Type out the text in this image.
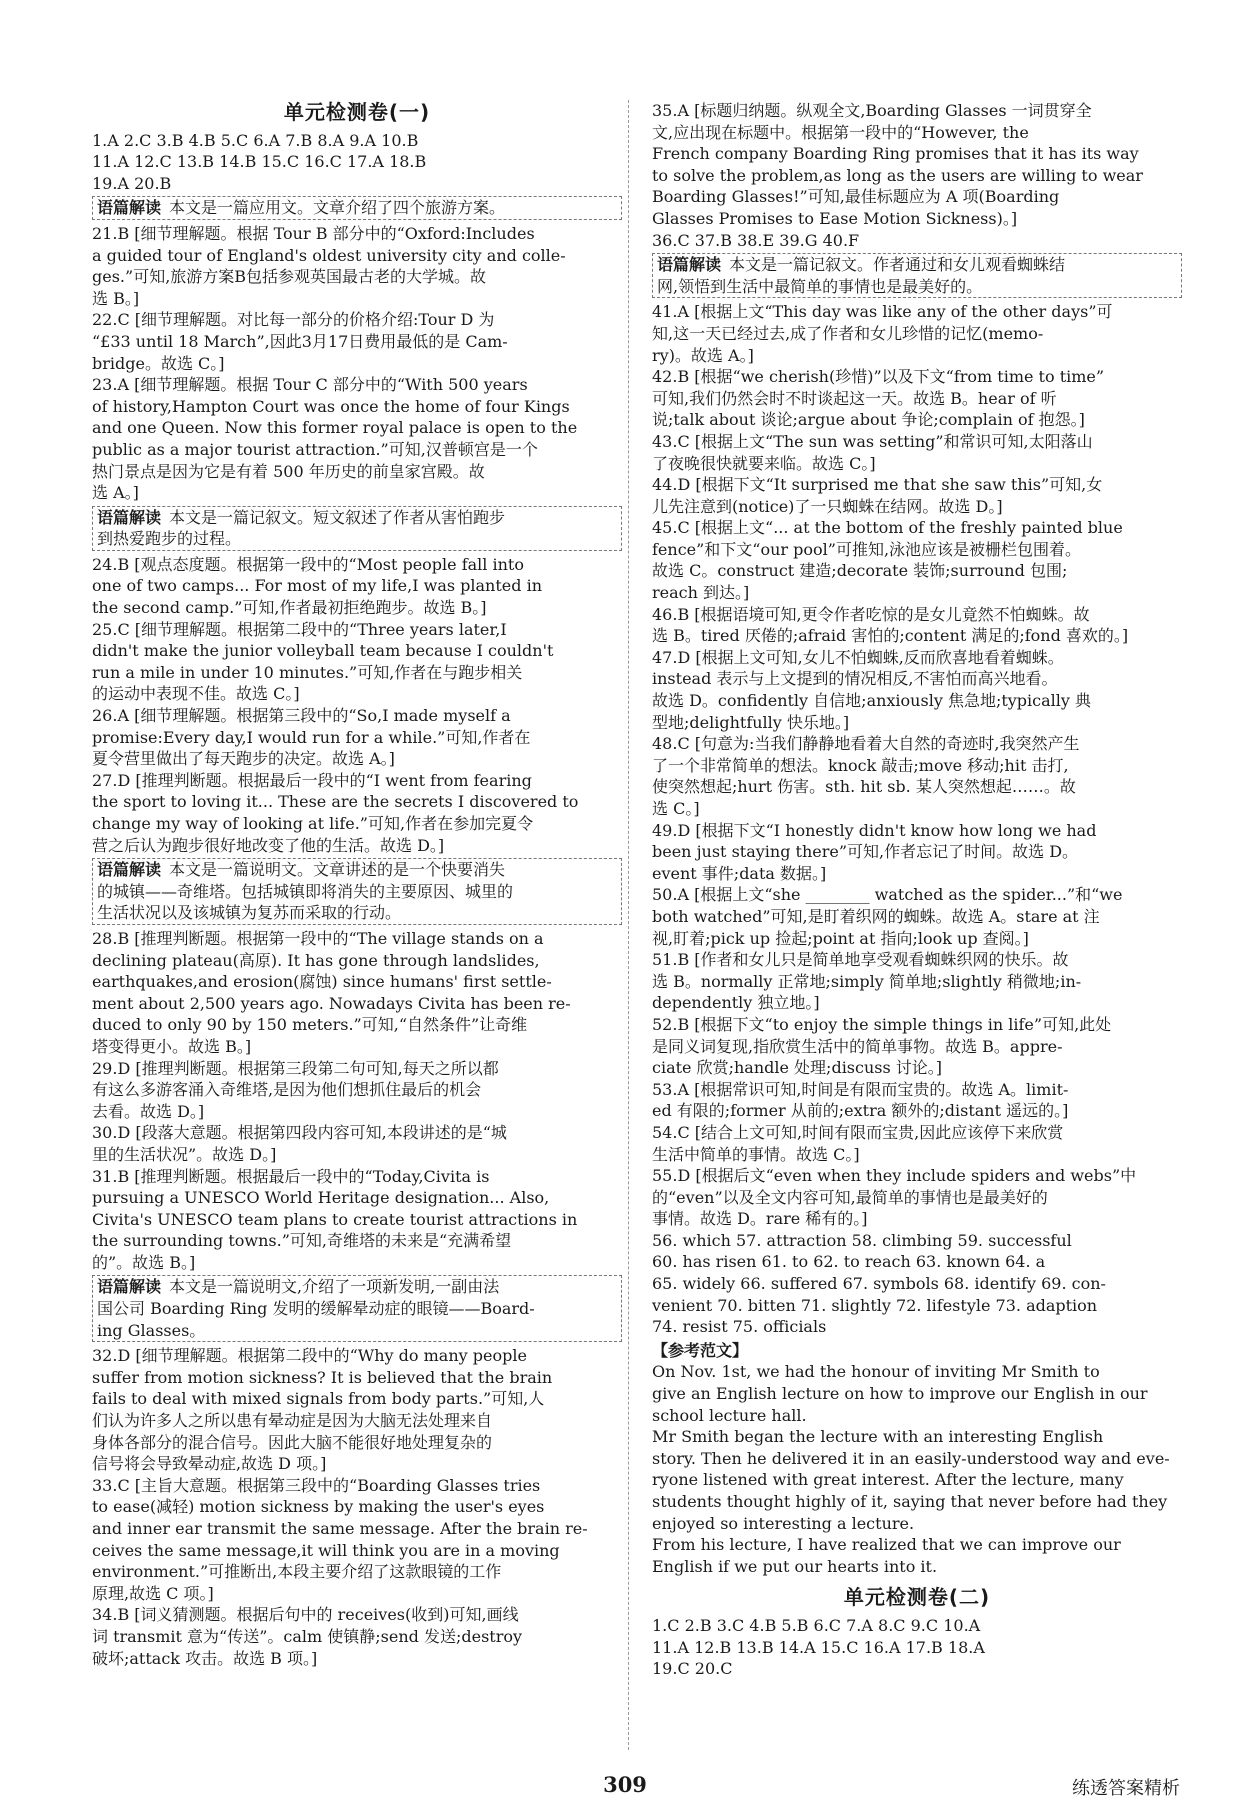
单元检测卷(一)
1.A 2.C 3.B 4.B 5.C 6.A 7.B 8.A 9.A 10.B
11.A 12.C 13.B 14.B 15.C 16.C 17.A 18.B
19.A 20.B
语篇解读 本文是一篇应用文。文章介绍了四个旅游方案。
21.B [细节理解题。根据 Tour B 部分中的“Oxford:Includes
a guided tour of England's oldest university city and colle-
ges.”可知,旅游方案B包括参观英国最古老的大学城。故
选 B。]
22.C [细节理解题。对比每一部分的价格介绍:Tour D 为
“£33 until 18 March”,因此3月17日费用最低的是 Cam-
bridge。故选 C。]
23.A [细节理解题。根据 Tour C 部分中的“With 500 years
of history,Hampton Court was once the home of four Kings
and one Queen. Now this former royal palace is open to the
public as a major tourist attraction.”可知,汉普顿宫是一个
热门景点是因为它是有着 500 年历史的前皇家宫殿。故
选 A。]
语篇解读 本文是一篇记叙文。短文叙述了作者从害怕跑步
到热爱跑步的过程。
24.B [观点态度题。根据第一段中的“Most people fall into
one of two camps... For most of my life,I was planted in
the second camp.”可知,作者最初拒绝跑步。故选 B。]
25.C [细节理解题。根据第二段中的“Three years later,I
didn't make the junior volleyball team because I couldn't
run a mile in under 10 minutes.”可知,作者在与跑步相关
的运动中表现不佳。故选 C。]
26.A [细节理解题。根据第三段中的“So,I made myself a
promise:Every day,I would run for a while.”可知,作者在
夏令营里做出了每天跑步的决定。故选 A。]
27.D [推理判断题。根据最后一段中的“I went from fearing
the sport to loving it... These are the secrets I discovered to
change my way of looking at life.”可知,作者在参加完夏令
营之后认为跑步很好地改变了他的生活。故选 D。]
语篇解读 本文是一篇说明文。文章讲述的是一个快要消失
的城镇——奇维塔。包括城镇即将消失的主要原因、城里的
生活状况以及该城镇为复苏而采取的行动。
28.B [推理判断题。根据第一段中的“The village stands on a
declining plateau(高原). It has gone through landslides,
earthquakes,and erosion(腐蚀) since humans' first settle-
ment about 2,500 years ago. Nowadays Civita has been re-
duced to only 90 by 150 meters.”可知,“自然条件”让奇维
塔变得更小。故选 B。]
29.D [推理判断题。根据第三段第二句可知,每天之所以都
有这么多游客涌入奇维塔,是因为他们想抓住最后的机会
去看。故选 D。]
30.D [段落大意题。根据第四段内容可知,本段讲述的是“城
里的生活状况”。故选 D。]
31.B [推理判断题。根据最后一段中的“Today,Civita is
pursuing a UNESCO World Heritage designation... Also,
Civita's UNESCO team plans to create tourist attractions in
the surrounding towns.”可知,奇维塔的未来是“充满希望
的”。故选 B。]
语篇解读 本文是一篇说明文,介绍了一项新发明,一副由法
国公司 Boarding Ring 发明的缓解晕动症的眼镜——Board-
ing Glasses。
32.D [细节理解题。根据第二段中的“Why do many people
suffer from motion sickness? It is believed that the brain
fails to deal with mixed signals from body parts.”可知,人
们认为许多人之所以患有晕动症是因为大脑无法处理来自
身体各部分的混合信号。因此大脑不能很好地处理复杂的
信号将会导致晕动症,故选 D 项。]
33.C [主旨大意题。根据第三段中的“Boarding Glasses tries
to ease(减轻) motion sickness by making the user's eyes
and inner ear transmit the same message. After the brain re-
ceives the same message,it will think you are in a moving
environment.”可推断出,本段主要介绍了这款眼镜的工作
原理,故选 C 项。]
34.B [词义猜测题。根据后句中的 receives(收到)可知,画线
词 transmit 意为“传送”。calm 使镇静;send 发送;destroy
破坏;attack 攻击。故选 B 项。]
35.A [标题归纳题。纵观全文,Boarding Glasses 一词贯穿全
文,应出现在标题中。根据第一段中的“However, the
French company Boarding Ring promises that it has its way
to solve the problem,as long as the users are willing to wear
Boarding Glasses!”可知,最佳标题应为 A 项(Boarding
Glasses Promises to Ease Motion Sickness)。]
36.C 37.B 38.E 39.G 40.F
语篇解读 本文是一篇记叙文。作者通过和女儿观看蜘蛛结
网,领悟到生活中最简单的事情也是最美好的。
41.A [根据上文“This day was like any of the other days”可
知,这一天已经过去,成了作者和女儿珍惜的记忆(memo-
ry)。故选 A。]
42.B [根据“we cherish(珍惜)”以及下文“from time to time”
可知,我们仍然会时不时谈起这一天。故选 B。hear of 听
说;talk about 谈论;argue about 争论;complain of 抱怨。]
43.C [根据上文“The sun was setting”和常识可知,太阳落山
了夜晚很快就要来临。故选 C。]
44.D [根据下文“It surprised me that she saw this”可知,女
儿先注意到(notice)了一只蜘蛛在结网。故选 D。]
45.C [根据上文“... at the bottom of the freshly painted blue
fence”和下文“our pool”可推知,泳池应该是被栅栏包围着。
故选 C。construct 建造;decorate 装饰;surround 包围;
reach 到达。]
46.B [根据语境可知,更令作者吃惊的是女儿竟然不怕蜘蛛。故
选 B。tired 厌倦的;afraid 害怕的;content 满足的;fond 喜欢的。]
47.D [根据上文可知,女儿不怕蜘蛛,反而欣喜地看着蜘蛛。
instead 表示与上文提到的情况相反,不害怕而高兴地看。
故选 D。confidently 自信地;anxiously 焦急地;typically 典
型地;delightfully 快乐地。]
48.C [句意为:当我们静静地看着大自然的奇迹时,我突然产生
了一个非常简单的想法。knock 敲击;move 移动;hit 击打,
使突然想起;hurt 伤害。sth. hit sb. 某人突然想起……。故
选 C。]
49.D [根据下文“I honestly didn't know how long we had
been just staying there”可知,作者忘记了时间。故选 D。
event 事件;data 数据。]
50.A [根据上文“she ________ watched as the spider...”和“we
both watched”可知,是盯着织网的蜘蛛。故选 A。stare at 注
视,盯着;pick up 捡起;point at 指向;look up 查阅。]
51.B [作者和女儿只是简单地享受观看蜘蛛织网的快乐。故
选 B。normally 正常地;simply 简单地;slightly 稍微地;in-
dependently 独立地。]
52.B [根据下文“to enjoy the simple things in life”可知,此处
是同义词复现,指欣赏生活中的简单事物。故选 B。appre-
ciate 欣赏;handle 处理;discuss 讨论。]
53.A [根据常识可知,时间是有限而宝贵的。故选 A。limit-
ed 有限的;former 从前的;extra 额外的;distant 遥远的。]
54.C [结合上文可知,时间有限而宝贵,因此应该停下来欣赏
生活中简单的事情。故选 C。]
55.D [根据后文“even when they include spiders and webs”中
的“even”以及全文内容可知,最简单的事情也是最美好的
事情。故选 D。rare 稀有的。]
56. which 57. attraction 58. climbing 59. successful
60. has risen 61. to 62. to reach 63. known 64. a
65. widely 66. suffered 67. symbols 68. identify 69. con-
venient 70. bitten 71. slightly 72. lifestyle 73. adaption
74. resist 75. officials
【参考范文】
On Nov. 1st, we had the honour of inviting Mr Smith to
give an English lecture on how to improve our English in our
school lecture hall.
Mr Smith began the lecture with an interesting English
story. Then he delivered it in an easily-understood way and eve-
ryone listened with great interest. After the lecture, many
students thought highly of it, saying that never before had they
enjoyed so interesting a lecture.
From his lecture, I have realized that we can improve our
English if we put our hearts into it.
单元检测卷(二)
1.C 2.B 3.C 4.B 5.B 6.C 7.A 8.C 9.C 10.A
11.A 12.B 13.B 14.A 15.C 16.A 17.B 18.A
19.C 20.C
309	练透答案精析
